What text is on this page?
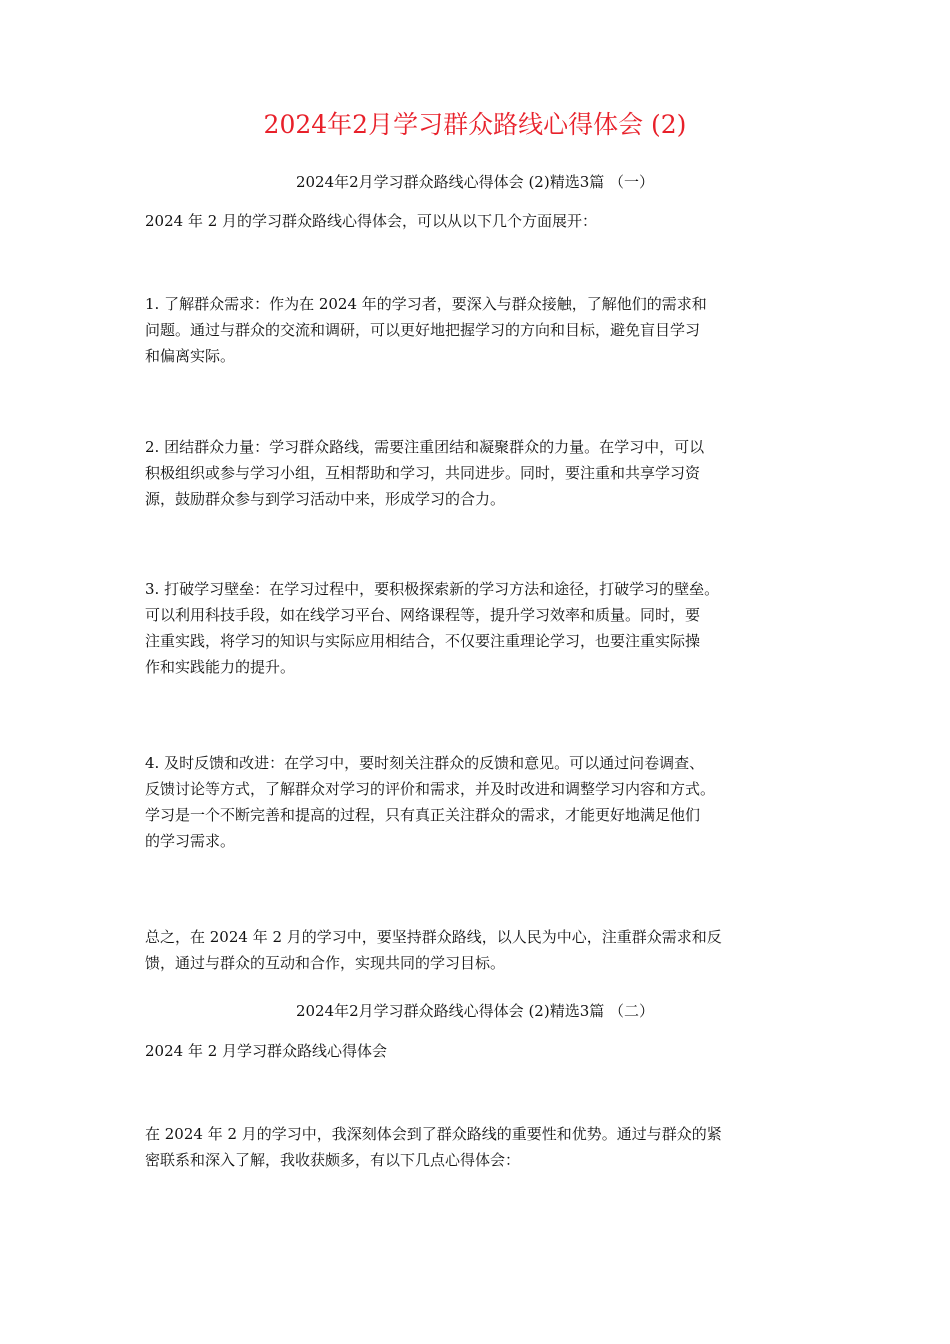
2024年2月学习群众路线心得体会 (2)
2024年2月学习群众路线心得体会 (2)精选3篇 （一）

2024 年 2 月的学习群众路线心得体会，可以从以下几个方面展开：

1. 了解群众需求：作为在 2024 年的学习者，要深入与群众接触，了解他们的需求和
问题。通过与群众的交流和调研，可以更好地把握学习的方向和目标，避免盲目学习
和偏离实际。

2. 团结群众力量：学习群众路线，需要注重团结和凝聚群众的力量。在学习中，可以
积极组织或参与学习小组，互相帮助和学习，共同进步。同时，要注重和共享学习资
源，鼓励群众参与到学习活动中来，形成学习的合力。

3. 打破学习壁垒：在学习过程中，要积极探索新的学习方法和途径，打破学习的壁垒。
可以利用科技手段，如在线学习平台、网络课程等，提升学习效率和质量。同时，要
注重实践，将学习的知识与实际应用相结合，不仅要注重理论学习，也要注重实际操
作和实践能力的提升。

4. 及时反馈和改进：在学习中，要时刻关注群众的反馈和意见。可以通过问卷调查、
反馈讨论等方式，了解群众对学习的评价和需求，并及时改进和调整学习内容和方式。
学习是一个不断完善和提高的过程，只有真正关注群众的需求，才能更好地满足他们
的学习需求。

总之，在 2024 年 2 月的学习中，要坚持群众路线，以人民为中心，注重群众需求和反
馈，通过与群众的互动和合作，实现共同的学习目标。

2024年2月学习群众路线心得体会 (2)精选3篇 （二）

2024 年 2 月学习群众路线心得体会

在 2024 年 2 月的学习中，我深刻体会到了群众路线的重要性和优势。通过与群众的紧
密联系和深入了解，我收获颇多，有以下几点心得体会：
